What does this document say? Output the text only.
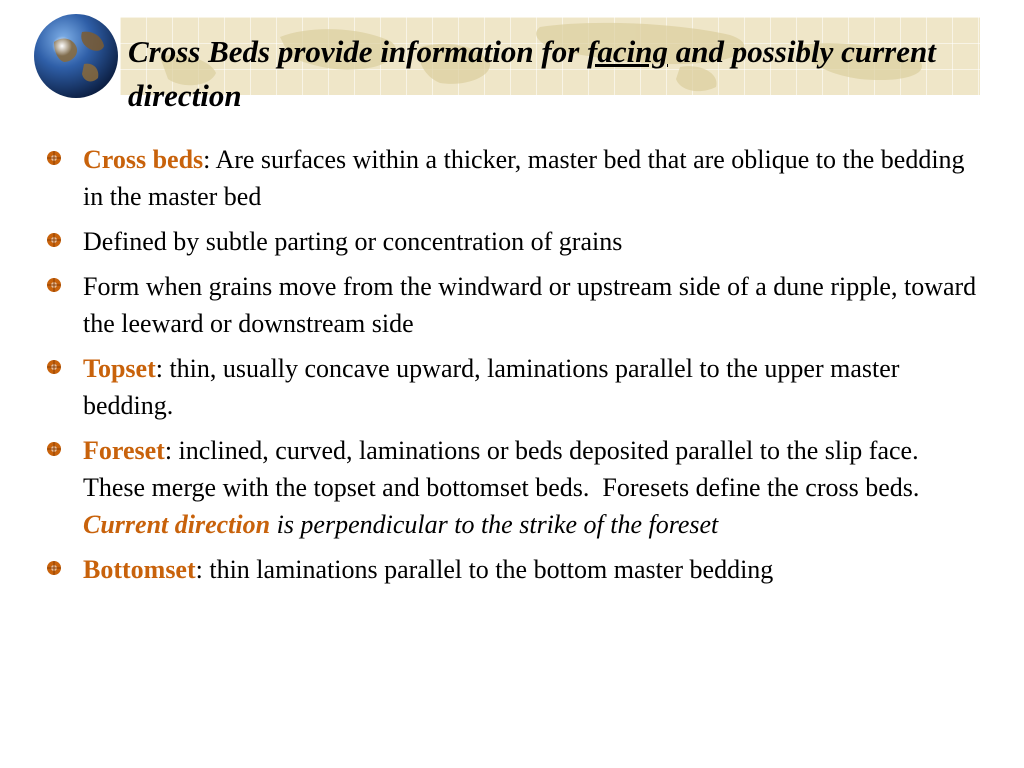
Cross Beds provide information for facing and possibly current direction
Cross beds: Are surfaces within a thicker, master bed that are oblique to the bedding in the master bed
Defined by subtle parting or concentration of grains
Form when grains move from the windward or upstream side of a dune ripple, toward the leeward or downstream side
Topset: thin, usually concave upward, laminations parallel to the upper master bedding.
Foreset: inclined, curved, laminations or beds deposited parallel to the slip face.  These merge with the topset and bottomset beds.  Foresets define the cross beds.  Current direction is perpendicular to the strike of the foreset
Bottomset: thin laminations parallel to the bottom master bedding
